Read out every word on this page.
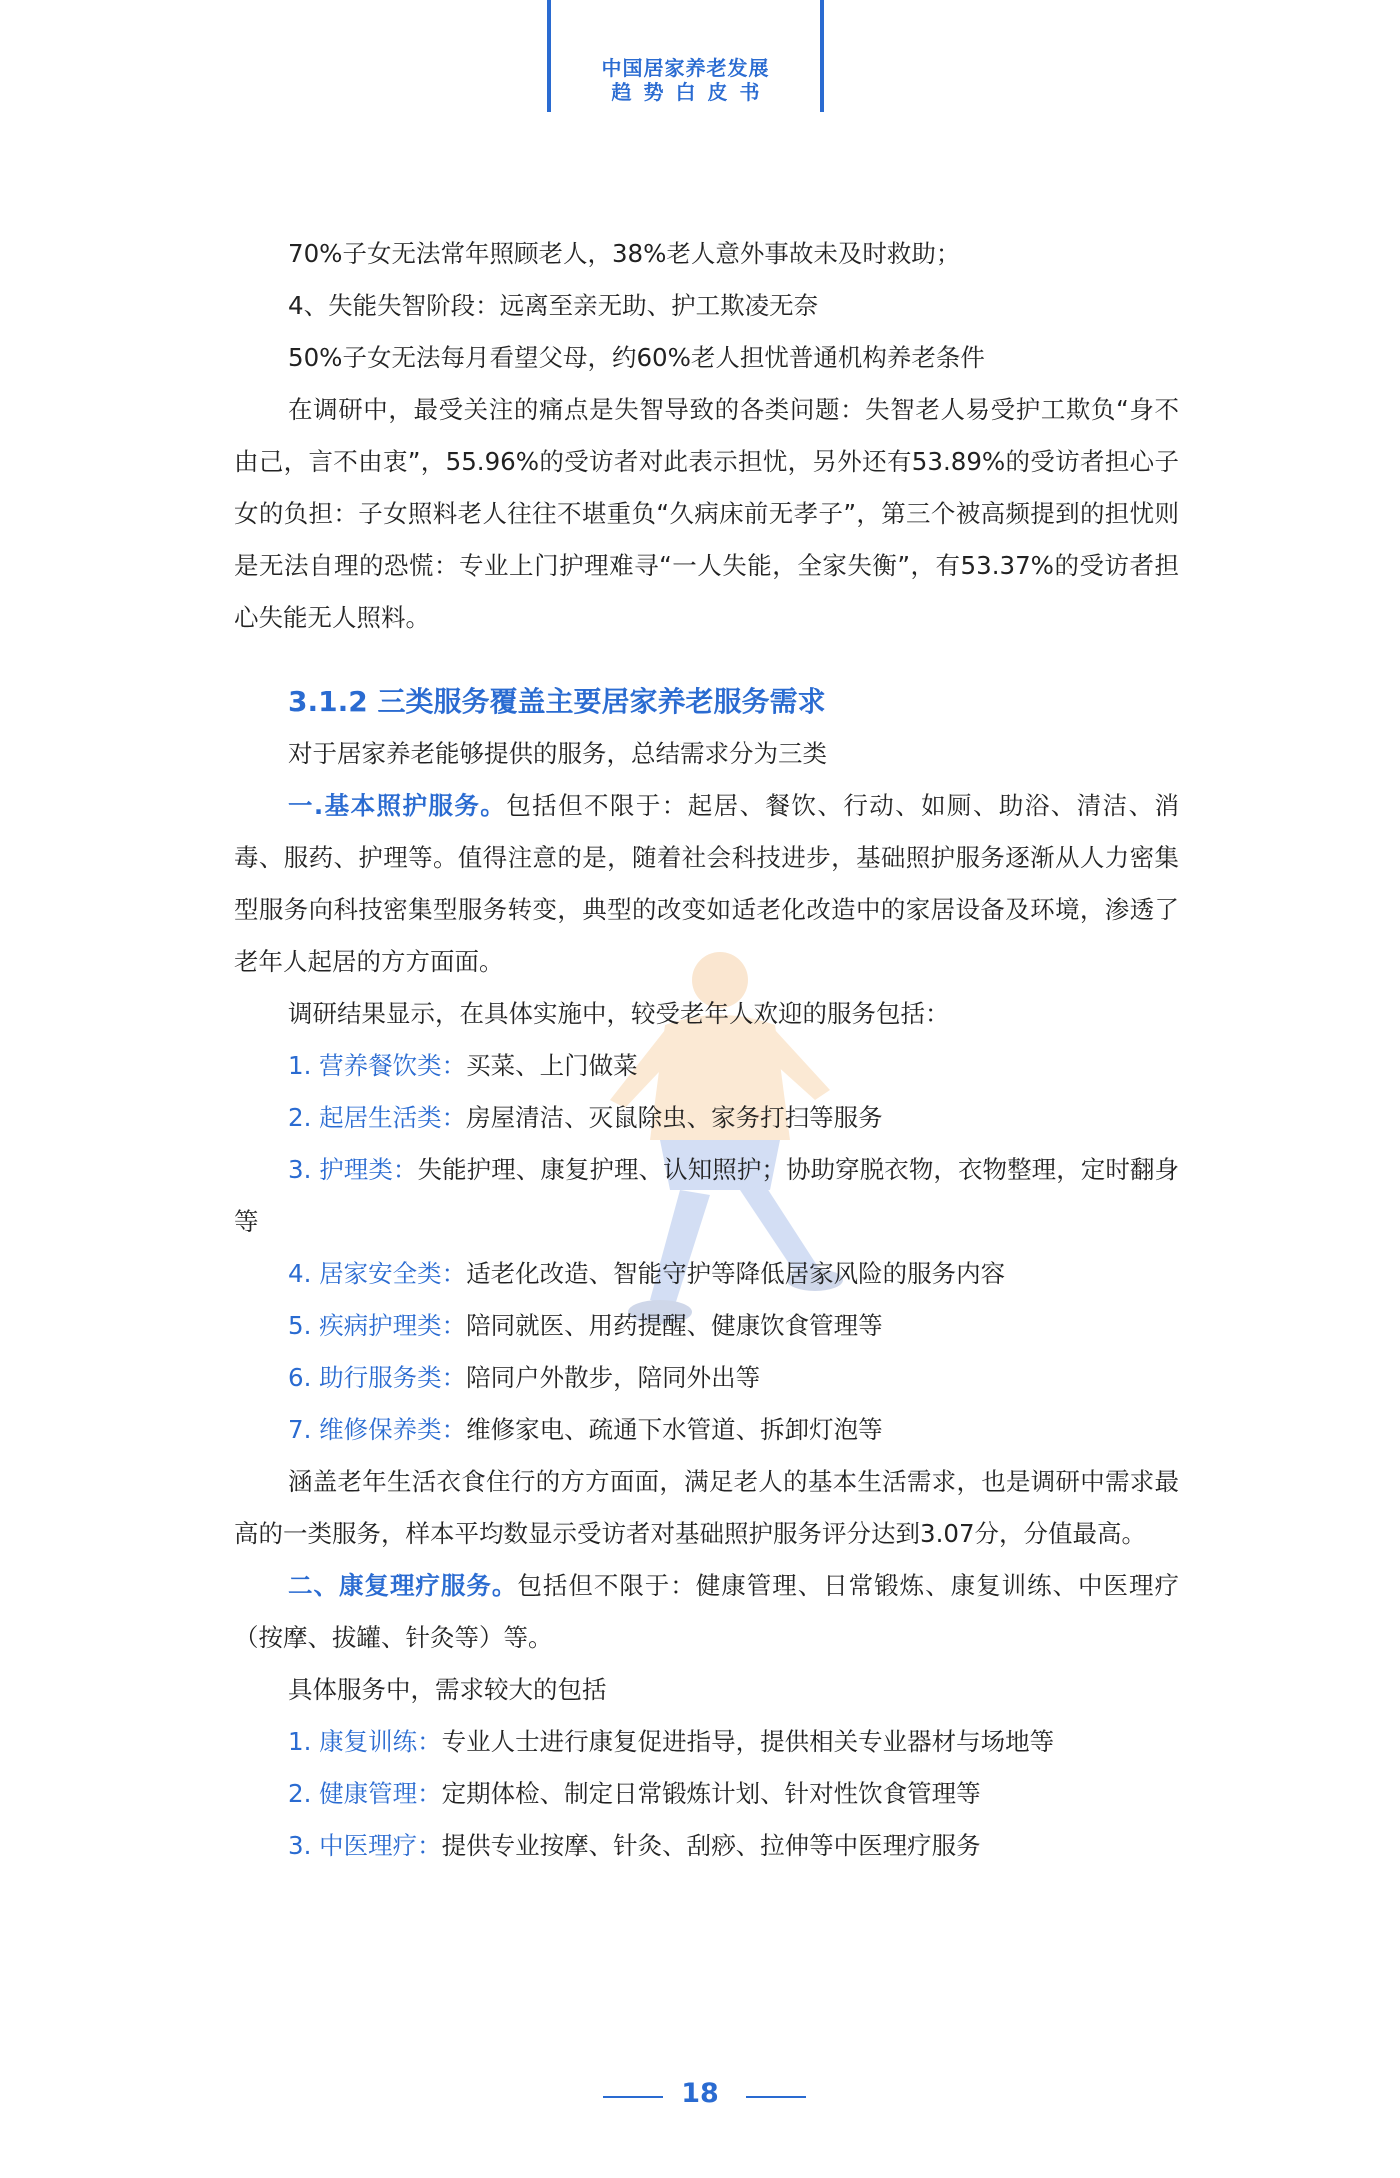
中国居家养老发展
趋势白皮书

70%子女无法常年照顾老人，38%老人意外事故未及时救助；

4、失能失智阶段：远离至亲无助、护工欺凌无奈

50%子女无法每月看望父母，约60%老人担忧普通机构养老条件

在调研中，最受关注的痛点是失智导致的各类问题：失智老人易受护工欺负“身不由己，言不由衷”，55.96%的受访者对此表示担忧，另外还有53.89%的受访者担心子女的负担：子女照料老人往往不堪重负“久病床前无孝子”，第三个被高频提到的担忧则是无法自理的恐慌：专业上门护理难寻“一人失能，全家失衡”，有53.37%的受访者担心失能无人照料。

3.1.2 三类服务覆盖主要居家养老服务需求

对于居家养老能够提供的服务，总结需求分为三类

一.基本照护服务。包括但不限于：起居、餐饮、行动、如厕、助浴、清洁、消毒、服药、护理等。值得注意的是，随着社会科技进步，基础照护服务逐渐从人力密集型服务向科技密集型服务转变，典型的改变如适老化改造中的家居设备及环境，渗透了老年人起居的方方面面。

调研结果显示，在具体实施中，较受老年人欢迎的服务包括：

1. 营养餐饮类：买菜、上门做菜

2. 起居生活类：房屋清洁、灭鼠除虫、家务打扫等服务

3. 护理类：失能护理、康复护理、认知照护；协助穿脱衣物，衣物整理，定时翻身等

4. 居家安全类：适老化改造、智能守护等降低居家风险的服务内容

5. 疾病护理类：陪同就医、用药提醒、健康饮食管理等

6. 助行服务类：陪同户外散步，陪同外出等

7. 维修保养类：维修家电、疏通下水管道、拆卸灯泡等

涵盖老年生活衣食住行的方方面面，满足老人的基本生活需求，也是调研中需求最高的一类服务，样本平均数显示受访者对基础照护服务评分达到3.07分，分值最高。

二、康复理疗服务。包括但不限于：健康管理、日常锻炼、康复训练、中医理疗（按摩、拔罐、针灸等）等。

具体服务中，需求较大的包括

1. 康复训练：专业人士进行康复促进指导，提供相关专业器材与场地等

2. 健康管理：定期体检、制定日常锻炼计划、针对性饮食管理等

3. 中医理疗：提供专业按摩、针灸、刮痧、拉伸等中医理疗服务

18
